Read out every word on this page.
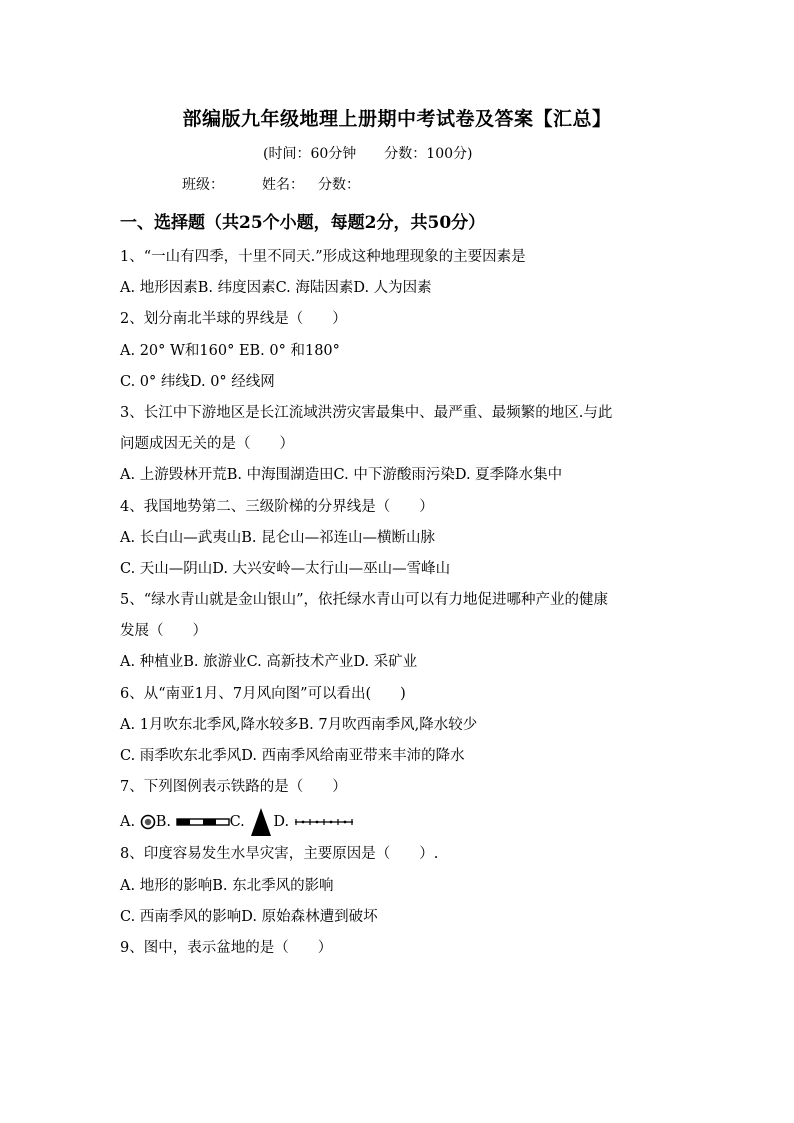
部编版九年级地理上册期中考试卷及答案【汇总】
(时间：60分钟 分数：100分)
班级：	姓名： 分数：
一、选择题（共25个小题，每题2分，共50分）
1、“一山有四季，十里不同天.”形成这种地理现象的主要因素是
A. 地形因素B. 纬度因素C. 海陆因素D. 人为因素
2、划分南北半球的界线是（　　）
A. 20° W和160° EB. 0° 和180°
C. 0° 纬线D. 0° 经线网
3、长江中下游地区是长江流域洪涝灾害最集中、最严重、最频繁的地区.与此
问题成因无关的是（　　）
A. 上游毁林开荒B. 中海围湖造田C. 中下游酸雨污染D. 夏季降水集中
4、我国地势第二、三级阶梯的分界线是（　　）
A. 长白山—武夷山B. 昆仑山—祁连山—横断山脉
C. 天山—阴山D. 大兴安岭—太行山—巫山—雪峰山
5、“绿水青山就是金山银山”，依托绿水青山可以有力地促进哪种产业的健康
发展（　　）
A. 种植业B. 旅游业C. 高新技术产业D. 采矿业
6、从“南亚1月、7月风向图”可以看出(　　)
A. 1月吹东北季风,降水较多B. 7月吹西南季风,降水较少
C. 雨季吹东北季风D. 西南季风给南亚带来丰沛的降水
7、下列图例表示铁路的是（　　）
A. B.	C. D.
8、印度容易发生水旱灾害，主要原因是（　　）.
A. 地形的影响B. 东北季风的影响
C. 西南季风的影响D. 原始森林遭到破坏
9、图中，表示盆地的是（　　）
